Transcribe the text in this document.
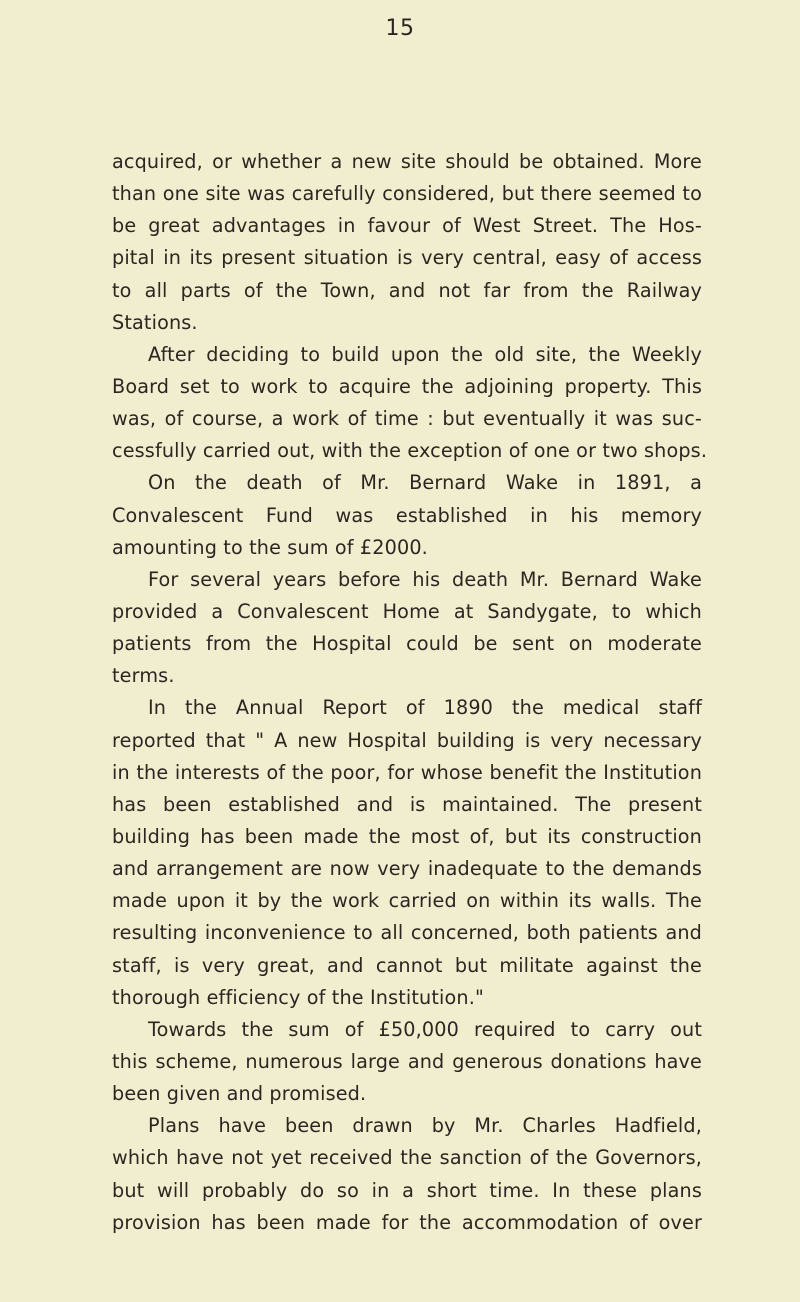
15
acquired, or whether a new site should be obtained. More
than one site was carefully considered, but there seemed to
be great advantages in favour of West Street. The Hos-
pital in its present situation is very central, easy of access
to all parts of the Town, and not far from the Railway
Stations.
After deciding to build upon the old site, the Weekly
Board set to work to acquire the adjoining property. This
was, of course, a work of time : but eventually it was suc-
cessfully carried out, with the exception of one or two shops.
On the death of Mr. Bernard Wake in 1891, a
Convalescent Fund was established in his memory
amounting to the sum of £2000.
For several years before his death Mr. Bernard Wake
provided a Convalescent Home at Sandygate, to which
patients from the Hospital could be sent on moderate
terms.
In the Annual Report of 1890 the medical staff
reported that " A new Hospital building is very necessary
in the interests of the poor, for whose benefit the Institution
has been established and is maintained. The present
building has been made the most of, but its construction
and arrangement are now very inadequate to the demands
made upon it by the work carried on within its walls. The
resulting inconvenience to all concerned, both patients and
staff, is very great, and cannot but militate against the
thorough efficiency of the Institution."
Towards the sum of £50,000 required to carry out
this scheme, numerous large and generous donations have
been given and promised.
Plans have been drawn by Mr. Charles Hadfield,
which have not yet received the sanction of the Governors,
but will probably do so in a short time. In these plans
provision has been made for the accommodation of over
